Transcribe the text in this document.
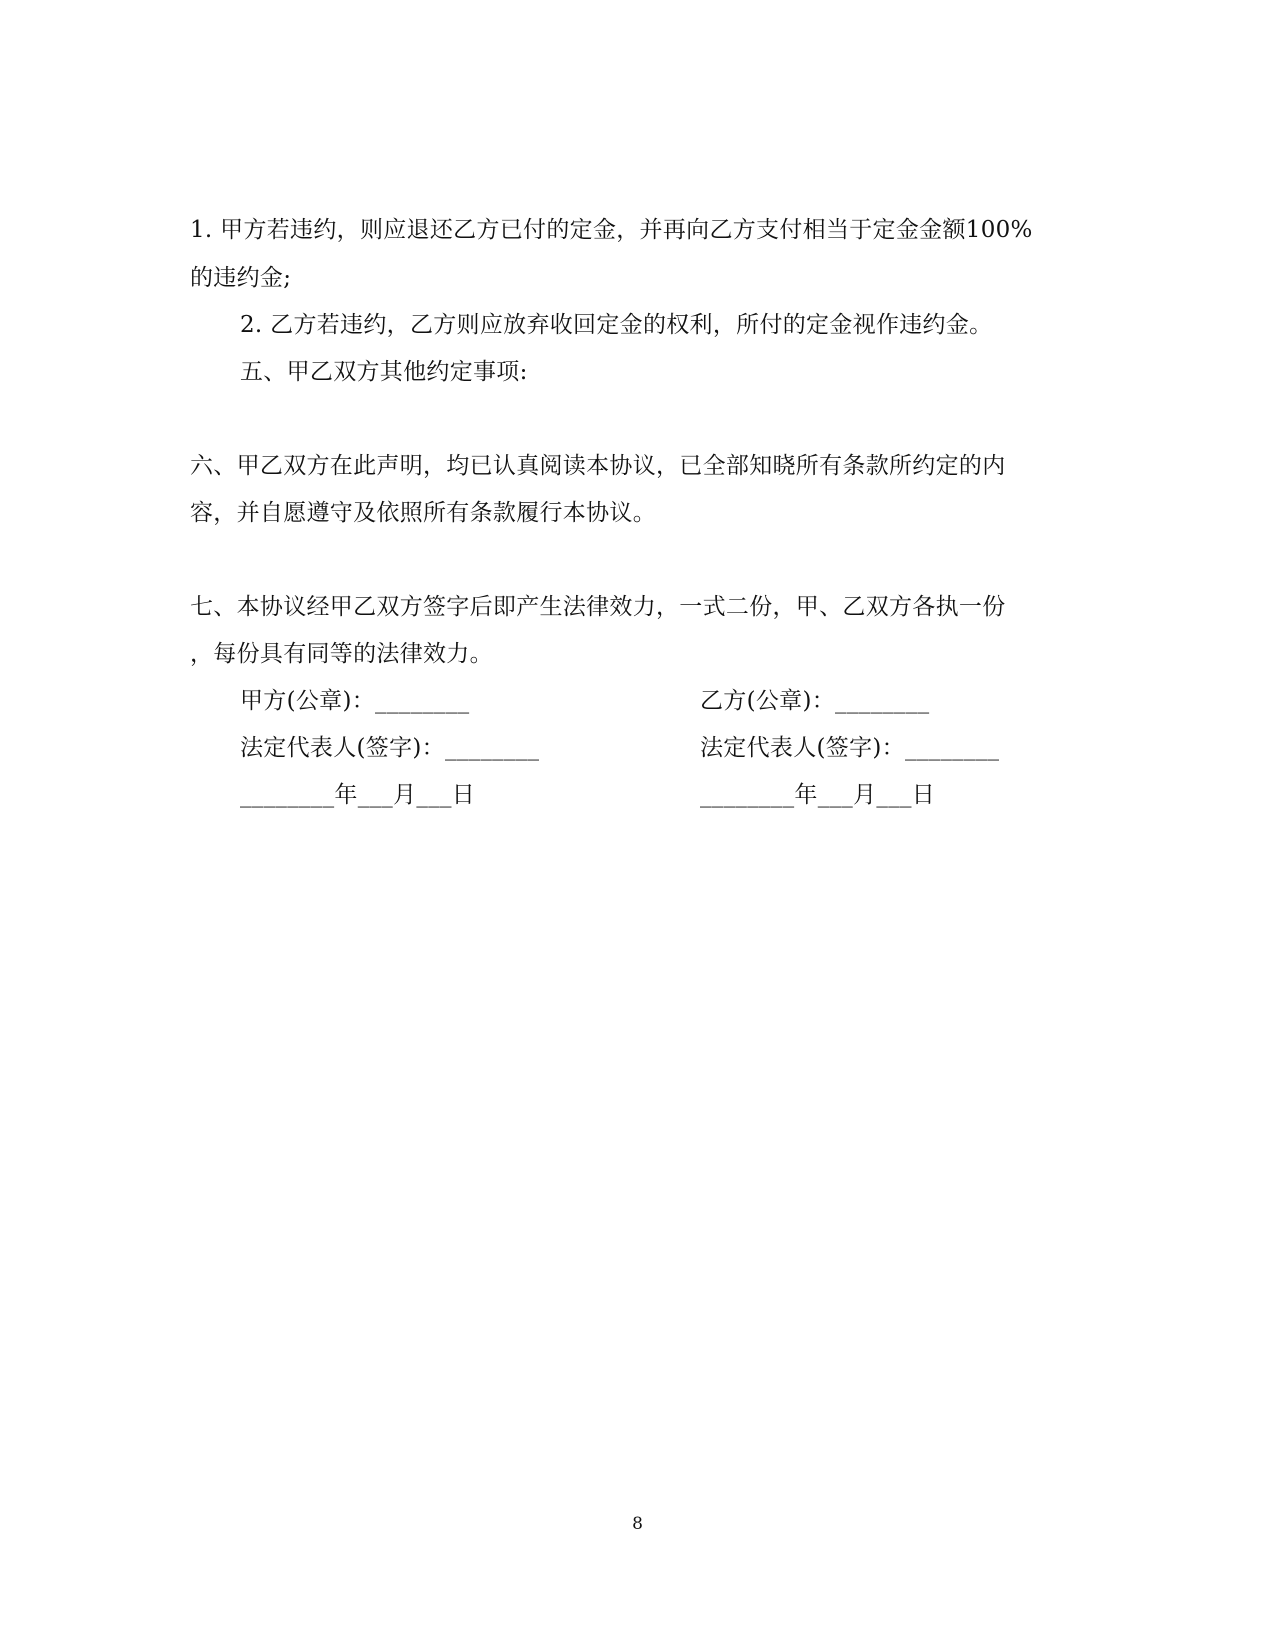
1. 甲方若违约，则应退还乙方已付的定金，并再向乙方支付相当于定金金额100%
的违约金;
2. 乙方若违约，乙方则应放弃收回定金的权利，所付的定金视作违约金。
五、甲乙双方其他约定事项:
六、甲乙双方在此声明，均已认真阅读本协议，已全部知晓所有条款所约定的内
容，并自愿遵守及依照所有条款履行本协议。
七、本协议经甲乙双方签字后即产生法律效力，一式二份，甲、乙双方各执一份
，每份具有同等的法律效力。
甲方(公章)：________	乙方(公章)：________
法定代表人(签字)：________	法定代表人(签字)：________
________年___月___日	________年___月___日
8
